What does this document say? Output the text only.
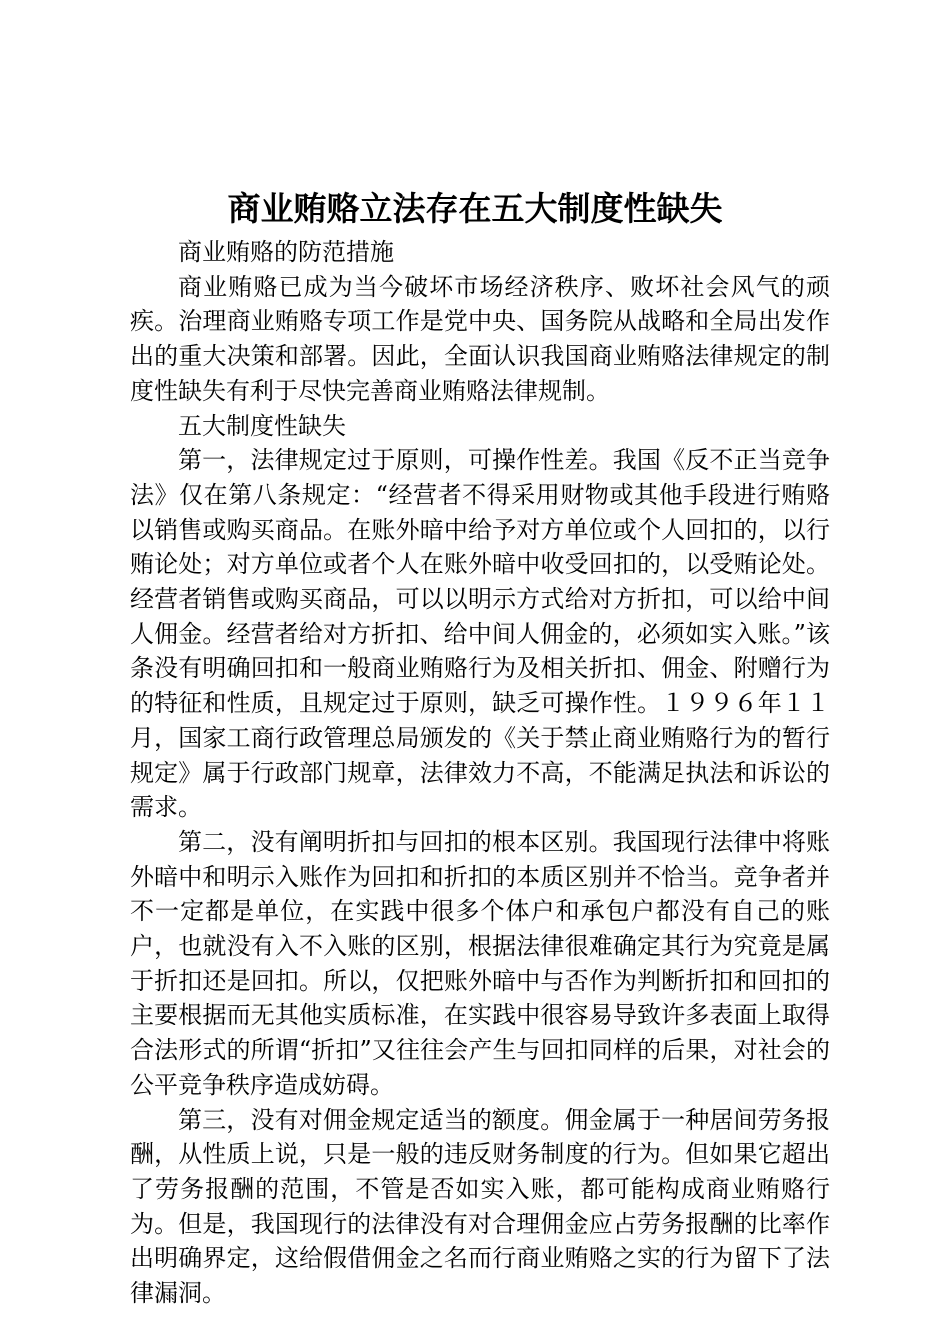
商业贿赂立法存在五大制度性缺失

商业贿赂的防范措施

商业贿赂已成为当今破坏市场经济秩序、败坏社会风气的顽疾。治理商业贿赂专项工作是党中央、国务院从战略和全局出发作出的重大决策和部署。因此，全面认识我国商业贿赂法律规定的制度性缺失有利于尽快完善商业贿赂法律规制。

五大制度性缺失

第一，法律规定过于原则，可操作性差。我国《反不正当竞争法》仅在第八条规定：“经营者不得采用财物或其他手段进行贿赂以销售或购买商品。在账外暗中给予对方单位或个人回扣的，以行贿论处；对方单位或者个人在账外暗中收受回扣的，以受贿论处。经营者销售或购买商品，可以以明示方式给对方折扣，可以给中间人佣金。经营者给对方折扣、给中间人佣金的，必须如实入账。”该条没有明确回扣和一般商业贿赂行为及相关折扣、佣金、附赠行为的特征和性质，且规定过于原则，缺乏可操作性。１９９６年１１月，国家工商行政管理总局颁发的《关于禁止商业贿赂行为的暂行规定》属于行政部门规章，法律效力不高，不能满足执法和诉讼的需求。

第二，没有阐明折扣与回扣的根本区别。我国现行法律中将账外暗中和明示入账作为回扣和折扣的本质区别并不恰当。竞争者并不一定都是单位，在实践中很多个体户和承包户都没有自己的账户，也就没有入不入账的区别，根据法律很难确定其行为究竟是属于折扣还是回扣。所以，仅把账外暗中与否作为判断折扣和回扣的主要根据而无其他实质标准，在实践中很容易导致许多表面上取得合法形式的所谓“折扣”又往往会产生与回扣同样的后果，对社会的公平竞争秩序造成妨碍。

第三，没有对佣金规定适当的额度。佣金属于一种居间劳务报酬，从性质上说，只是一般的违反财务制度的行为。但如果它超出了劳务报酬的范围，不管是否如实入账，都可能构成商业贿赂行为。但是，我国现行的法律没有对合理佣金应占劳务报酬的比率作出明确界定，这给假借佣金之名而行商业贿赂之实的行为留下了法律漏洞。
